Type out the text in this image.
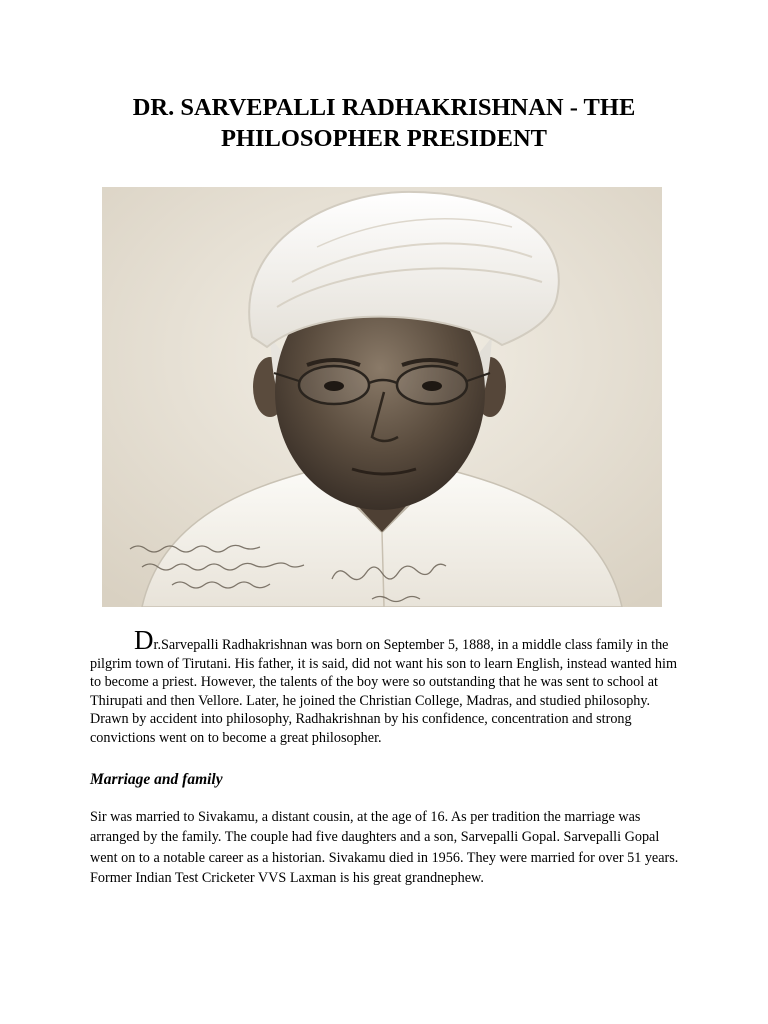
DR. SARVEPALLI RADHAKRISHNAN - THE PHILOSOPHER PRESIDENT

Dr.Sarvepalli Radhakrishnan was born on September 5, 1888, in a middle class family in the pilgrim town of Tirutani. His father, it is said, did not want his son to learn English, instead wanted him to become a priest. However, the talents of the boy were so outstanding that he was sent to school at Thirupati and then Vellore. Later, he joined the Christian College, Madras, and studied philosophy. Drawn by accident into philosophy, Radhakrishnan by his confidence, concentration and strong convictions went on to become a great philosopher.

Marriage and family

Sir was married to Sivakamu, a distant cousin, at the age of 16. As per tradition the marriage was arranged by the family. The couple had five daughters and a son, Sarvepalli Gopal. Sarvepalli Gopal went on to a notable career as a historian. Sivakamu died in 1956. They were married for over 51 years. Former Indian Test Cricketer VVS Laxman is his great grandnephew.
